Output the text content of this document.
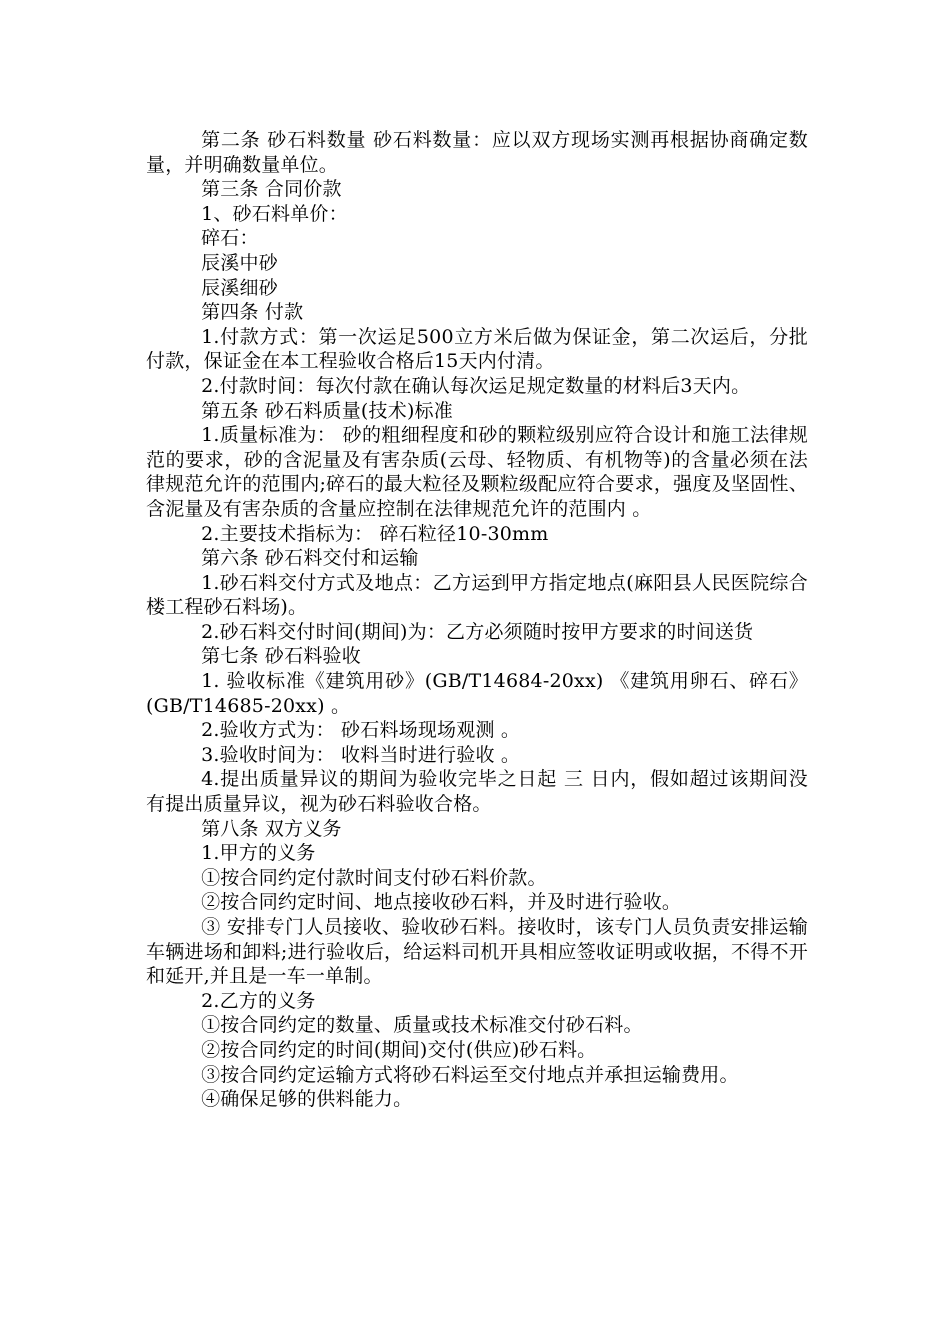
第二条 砂石料数量 砂石料数量：应以双方现场实测再根据协商确定数量，并明确数量单位。

第三条 合同价款

1、砂石料单价：

碎石：

辰溪中砂

辰溪细砂

第四条 付款

1.付款方式：第一次运足500立方米后做为保证金，第二次运后，分批付款，保证金在本工程验收合格后15天内付清。

2.付款时间：每次付款在确认每次运足规定数量的材料后3天内。

第五条 砂石料质量(技术)标准

1.质量标准为： 砂的粗细程度和砂的颗粒级别应符合设计和施工法律规范的要求，砂的含泥量及有害杂质(云母、轻物质、有机物等)的含量必须在法律规范允许的范围内;碎石的最大粒径及颗粒级配应符合要求，强度及坚固性、含泥量及有害杂质的含量应控制在法律规范允许的范围内 。

2.主要技术指标为： 碎石粒径10-30mm

第六条 砂石料交付和运输

1.砂石料交付方式及地点：乙方运到甲方指定地点(麻阳县人民医院综合楼工程砂石料场)。

2.砂石料交付时间(期间)为：乙方必须随时按甲方要求的时间送货

第七条 砂石料验收

1. 验收标准《建筑用砂》(GB/T14684-20xx) 《建筑用卵石、碎石》(GB/T14685-20xx) 。

2.验收方式为： 砂石料场现场观测 。

3.验收时间为： 收料当时进行验收 。

4.提出质量异议的期间为验收完毕之日起 三 日内，假如超过该期间没有提出质量异议，视为砂石料验收合格。

第八条 双方义务

1.甲方的义务

①按合同约定付款时间支付砂石料价款。

②按合同约定时间、地点接收砂石料，并及时进行验收。

③ 安排专门人员接收、验收砂石料。接收时，该专门人员负责安排运输车辆进场和卸料;进行验收后，给运料司机开具相应签收证明或收据，不得不开和延开,并且是一车一单制。

2.乙方的义务

①按合同约定的数量、质量或技术标准交付砂石料。

②按合同约定的时间(期间)交付(供应)砂石料。

③按合同约定运输方式将砂石料运至交付地点并承担运输费用。

④确保足够的供料能力。
